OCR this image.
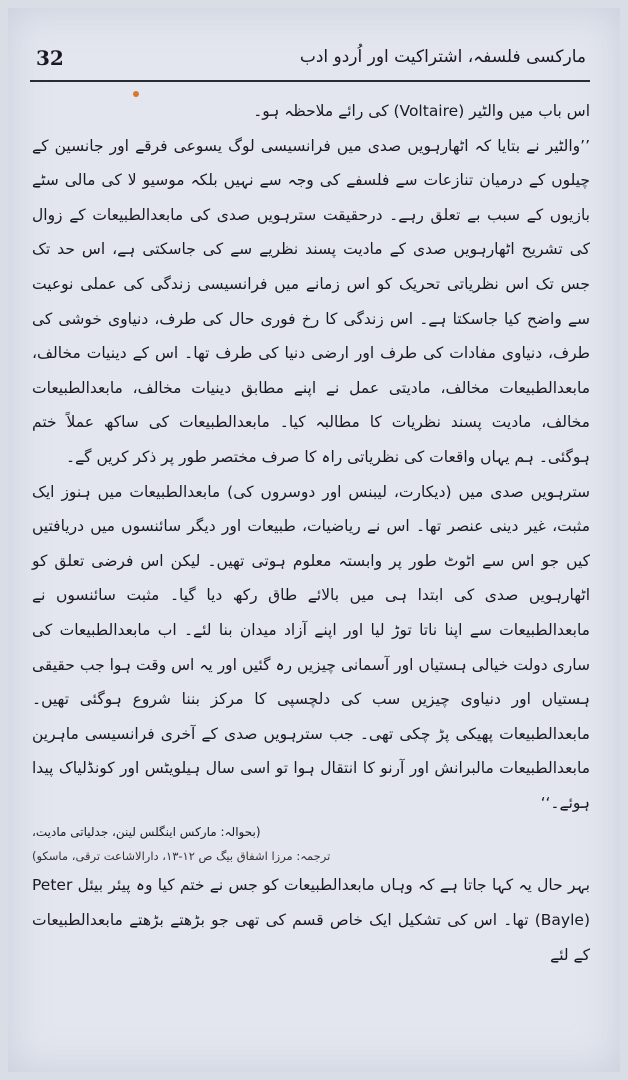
32	مارکسی فلسفہ، اشتراکیت اور اُردو ادب

اس باب میں والٹیر (Voltaire) کی رائے ملاحظہ ہو۔

’’والٹیر نے بتایا کہ اٹھارہویں صدی میں فرانسیسی لوگ یسوعی فرقے اور جانسین کے چیلوں کے درمیان تنازعات سے فلسفے کی وجہ سے نہیں بلکہ موسیو لا کی مالی سٹے بازیوں کے سبب بے تعلق رہے۔ درحقیقت سترہویں صدی کی مابعدالطبیعات کے زوال کی تشریح اٹھارہویں صدی کے مادیت پسند نظریے سے کی جاسکتی ہے، اس حد تک جس تک اس نظریاتی تحریک کو اس زمانے میں فرانسیسی زندگی کی عملی نوعیت سے واضح کیا جاسکتا ہے۔ اس زندگی کا رخ فوری حال کی طرف، دنیاوی خوشی کی طرف، دنیاوی مفادات کی طرف اور ارضی دنیا کی طرف تھا۔ اس کے دینیات مخالف، مابعدالطبیعات مخالف، مادیتی عمل نے اپنے مطابق دینیات مخالف، مابعدالطبیعات مخالف، مادیت پسند نظریات کا مطالبہ کیا۔ مابعدالطبیعات کی ساکھ عملاً ختم ہوگئی۔ ہم یہاں واقعات کی نظریاتی راہ کا صرف مختصر طور پر ذکر کریں گے۔

سترہویں صدی میں (دیکارت، لیبنس اور دوسروں کی) مابعدالطبیعات میں ہنوز ایک مثبت، غیر دینی عنصر تھا۔ اس نے ریاضیات، طبیعات اور دیگر سائنسوں میں دریافتیں کیں جو اس سے اٹوٹ طور پر وابستہ معلوم ہوتی تھیں۔ لیکن اس فرضی تعلق کو اٹھارہویں صدی کی ابتدا ہی میں بالائے طاق رکھ دیا گیا۔ مثبت سائنسوں نے مابعدالطبیعات سے اپنا ناتا توڑ لیا اور اپنے آزاد میدان بنا لئے۔ اب مابعدالطبیعات کی ساری دولت خیالی ہستیاں اور آسمانی چیزیں رہ گئیں اور یہ اس وقت ہوا جب حقیقی ہستیاں اور دنیاوی چیزیں سب کی دلچسپی کا مرکز بننا شروع ہوگئی تھیں۔ مابعدالطبیعات پھیکی پڑ چکی تھی۔ جب سترہویں صدی کے آخری فرانسیسی ماہرین مابعدالطبیعات مالبرانش اور آرنو کا انتقال ہوا تو اسی سال ہیلویٹس اور کونڈلیاک پیدا ہوئے۔‘‘

(بحوالہ: مارکس اینگلس لینن، جدلیاتی مادیت،

ترجمہ: مرزا اشفاق بیگ ص ۱۲-۱۳، دارالاشاعت ترقی، ماسکو)

بہر حال یہ کہا جاتا ہے کہ وہاں مابعدالطبیعات کو جس نے ختم کیا وہ پیئر بیئل Peter (Bayle) تھا۔ اس کی تشکیل ایک خاص قسم کی تھی جو بڑھتے بڑھتے مابعدالطبیعات کے لئے
